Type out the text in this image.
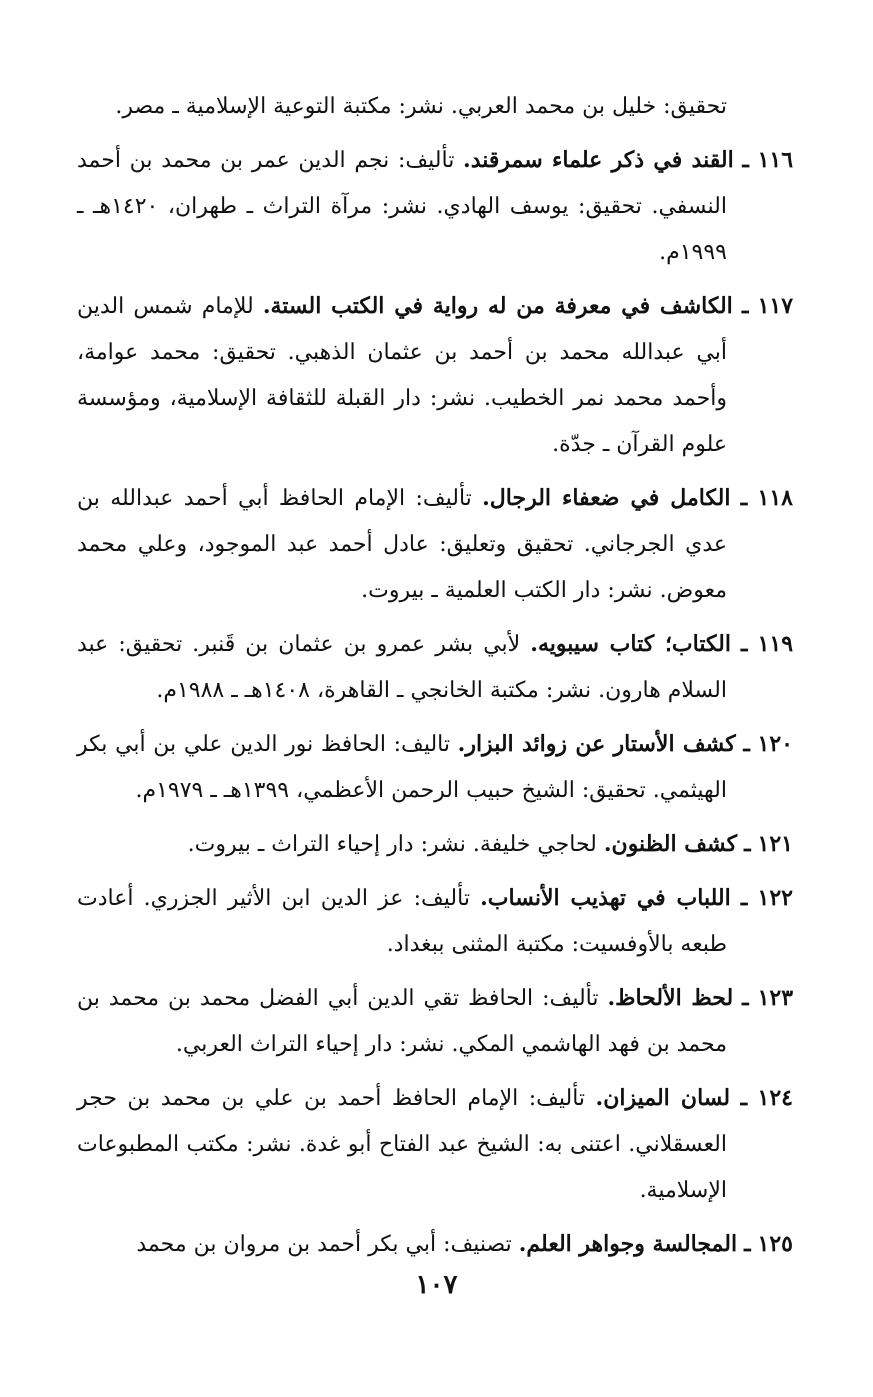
تحقيق: خليل بن محمد العربي. نشر: مكتبة التوعية الإسلامية ـ مصر.

١١٦ ـ القند في ذكر علماء سمرقند. تأليف: نجم الدين عمر بن محمد بن أحمد النسفي. تحقيق: يوسف الهادي. نشر: مرآة التراث ـ طهران، ١٤٢٠هـ ـ ١٩٩٩م.

١١٧ ـ الكاشف في معرفة من له رواية في الكتب الستة. للإمام شمس الدين أبي عبدالله محمد بن أحمد بن عثمان الذهبي. تحقيق: محمد عوامة، وأحمد محمد نمر الخطيب. نشر: دار القبلة للثقافة الإسلامية، ومؤسسة علوم القرآن ـ جدّة.

١١٨ ـ الكامل في ضعفاء الرجال. تأليف: الإمام الحافظ أبي أحمد عبدالله بن عدي الجرجاني. تحقيق وتعليق: عادل أحمد عبد الموجود، وعلي محمد معوض. نشر: دار الكتب العلمية ـ بيروت.

١١٩ ـ الكتاب؛ كتاب سيبويه. لأبي بشر عمرو بن عثمان بن قَنبر. تحقيق: عبد السلام هارون. نشر: مكتبة الخانجي ـ القاهرة، ١٤٠٨هـ ـ ١٩٨٨م.

١٢٠ ـ كشف الأستار عن زوائد البزار. تاليف: الحافظ نور الدين علي بن أبي بكر الهيثمي. تحقيق: الشيخ حبيب الرحمن الأعظمي، ١٣٩٩هـ ـ ١٩٧٩م.

١٢١ ـ كشف الظنون. لحاجي خليفة. نشر: دار إحياء التراث ـ بيروت.

١٢٢ ـ اللباب في تهذيب الأنساب. تأليف: عز الدين ابن الأثير الجزري. أعادت طبعه بالأوفسيت: مكتبة المثنى ببغداد.

١٢٣ ـ لحظ الألحاظ. تأليف: الحافظ تقي الدين أبي الفضل محمد بن محمد بن محمد بن فهد الهاشمي المكي. نشر: دار إحياء التراث العربي.

١٢٤ ـ لسان الميزان. تأليف: الإمام الحافظ أحمد بن علي بن محمد بن حجر العسقلاني. اعتنى به: الشيخ عبد الفتاح أبو غدة. نشر: مكتب المطبوعات الإسلامية.

١٢٥ ـ المجالسة وجواهر العلم. تصنيف: أبي بكر أحمد بن مروان بن محمد

١٠٧
